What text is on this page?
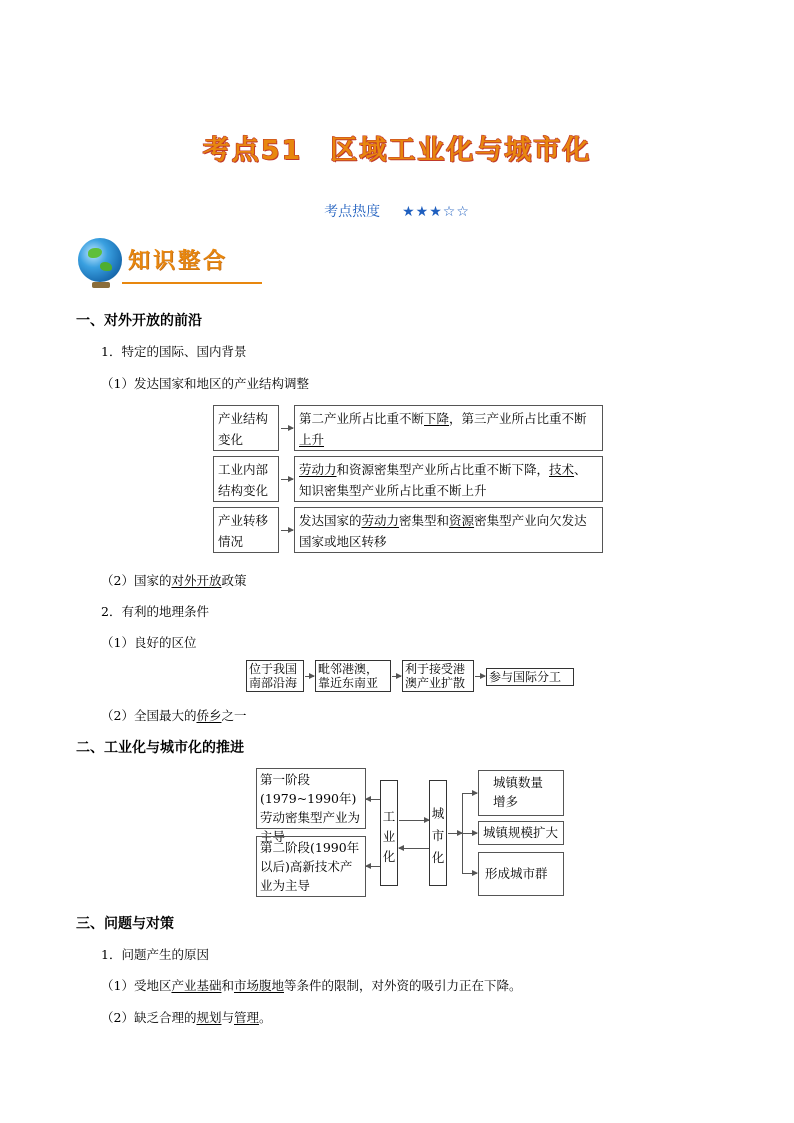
考点51 区域工业化与城市化
考点热度 ★★★☆☆
知识整合
一、对外开放的前沿
1．特定的国际、国内背景
（1）发达国家和地区的产业结构调整
产业结构变化
第二产业所占比重不断下降，第三产业所占比重不断上升
工业内部结构变化
劳动力和资源密集型产业所占比重不断下降，技术、知识密集型产业所占比重不断上升
产业转移情况
发达国家的劳动力密集型和资源密集型产业向欠发达国家或地区转移
（2）国家的对外开放政策
2．有利的地理条件
（1）良好的区位
位于我国南部沿海
毗邻港澳，靠近东南亚
利于接受港澳产业扩散	参与国际分工
（2）全国最大的侨乡之一
二、工业化与城市化的推进
第一阶段(1979~1990年)劳动密集型产业为主导
第二阶段(1990年以后)高新技术产业为主导
工业化
城市化
城镇数量增多
城镇规模扩大
形成城市群
三、问题与对策
1．问题产生的原因
（1）受地区产业基础和市场腹地等条件的限制，对外资的吸引力正在下降。
（2）缺乏合理的规划与管理。
